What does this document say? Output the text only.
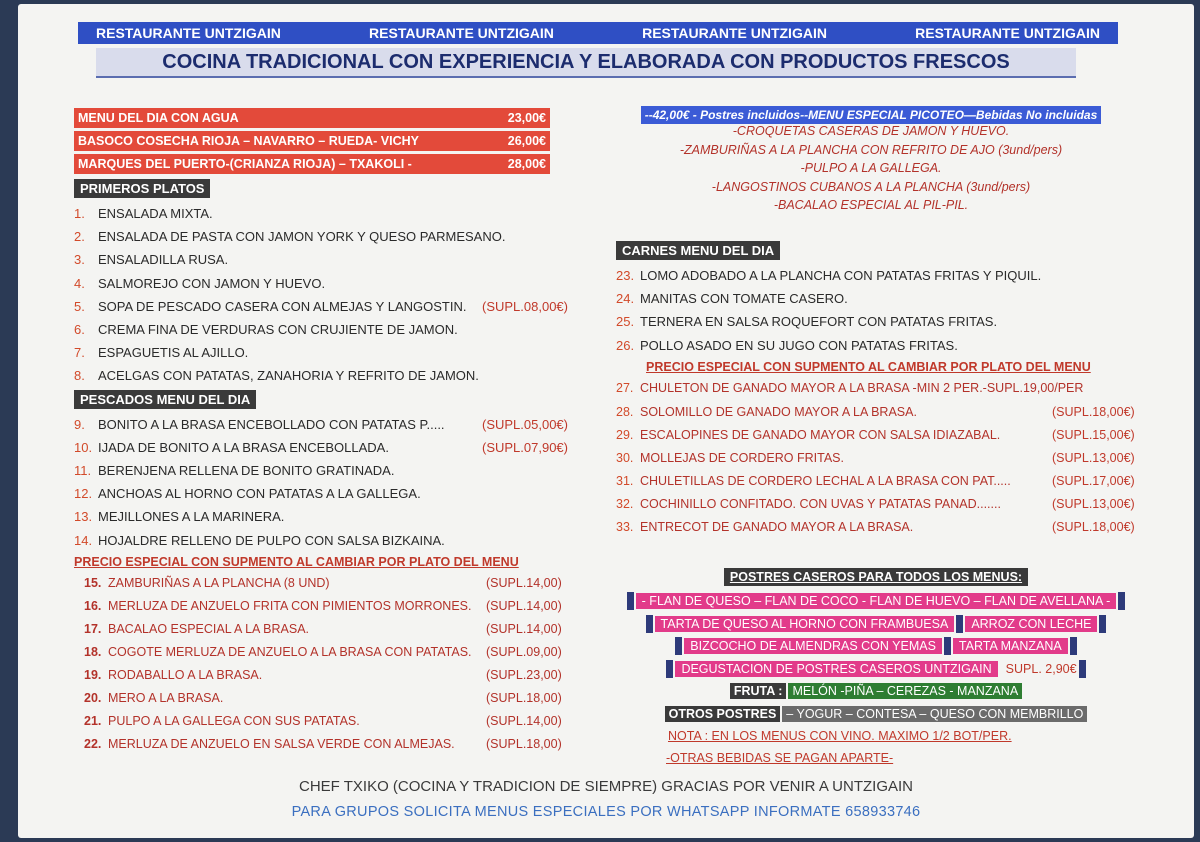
RESTAURANTE UNTZIGAIN	RESTAURANTE UNTZIGAIN	RESTAURANTE UNTZIGAIN	RESTAURANTE UNTZIGAIN
COCINA TRADICIONAL CON EXPERIENCIA Y ELABORADA CON PRODUCTOS FRESCOS
MENU DEL DIA CON AGUA	23,00€
BASOCO COSECHA RIOJA – NAVARRO – RUEDA- VICHY	26,00€
MARQUES DEL PUERTO-(CRIANZA RIOJA) – TXAKOLI -	28,00€
PRIMEROS PLATOS
1.	ENSALADA MIXTA.
2.	ENSALADA DE PASTA CON JAMON YORK Y QUESO PARMESANO.
3.	ENSALADILLA RUSA.
4.	SALMOREJO CON JAMON Y HUEVO.
5.	SOPA DE PESCADO CASERA CON ALMEJAS Y LANGOSTIN. (SUPL.08,00€)
6.	CREMA FINA DE VERDURAS CON CRUJIENTE DE JAMON.
7.	ESPAGUETIS AL AJILLO.
8.	ACELGAS CON PATATAS, ZANAHORIA Y REFRITO DE JAMON.
PESCADOS MENU DEL DIA
9.	BONITO A LA BRASA ENCEBOLLADO CON PATATAS P.....	(SUPL.05,00€)
10. IJADA DE BONITO A LA BRASA ENCEBOLLADA.	(SUPL.07,90€)
11. BERENJENA RELLENA DE BONITO GRATINADA.
12. ANCHOAS AL HORNO CON PATATAS A LA GALLEGA.
13. MEJILLONES A LA MARINERA.
14. HOJALDRE RELLENO DE PULPO CON SALSA BIZKAINA.
PRECIO ESPECIAL CON SUPMENTO AL CAMBIAR POR PLATO DEL MENU
15. ZAMBURIÑAS A LA PLANCHA (8 UND)	(SUPL.14,00)
16. MERLUZA DE ANZUELO FRITA CON PIMIENTOS MORRONES. (SUPL.14,00)
17. BACALAO ESPECIAL A LA BRASA.	(SUPL.14,00)
18. COGOTE MERLUZA DE ANZUELO A LA BRASA CON PATATAS. (SUPL.09,00)
19. RODABALLO A LA BRASA.	(SUPL.23,00)
20. MERO A LA BRASA.	(SUPL.18,00)
21. PULPO A LA GALLEGA CON SUS PATATAS.	(SUPL.14,00)
22. MERLUZA DE ANZUELO EN SALSA VERDE CON ALMEJAS.	(SUPL.18,00)
--42,00€ - Postres incluidos--MENU ESPECIAL PICOTEO—Bebidas No incluidas
-CROQUETAS CASERAS DE JAMON Y HUEVO.
-ZAMBURIÑAS A LA PLANCHA CON REFRITO DE AJO (3und/pers)
-PULPO A LA GALLEGA.
-LANGOSTINOS CUBANOS A LA PLANCHA (3und/pers)
-BACALAO ESPECIAL AL PIL-PIL.
CARNES MENU DEL DIA
23. LOMO ADOBADO A LA PLANCHA CON PATATAS FRITAS Y PIQUIL.
24. MANITAS CON TOMATE CASERO.
25. TERNERA EN SALSA ROQUEFORT CON PATATAS FRITAS.
26. POLLO ASADO EN SU JUGO CON PATATAS FRITAS.
PRECIO ESPECIAL CON SUPMENTO AL CAMBIAR POR PLATO DEL MENU
27. CHULETON DE GANADO MAYOR A LA BRASA -MIN 2 PER.-SUPL.19,00/PER
28. SOLOMILLO DE GANADO MAYOR A LA BRASA.	(SUPL.18,00€)
29. ESCALOPINES DE GANADO MAYOR CON SALSA IDIAZABAL.	(SUPL.15,00€)
30. MOLLEJAS DE CORDERO FRITAS.	(SUPL.13,00€)
31. CHULETILLAS DE CORDERO LECHAL A LA BRASA CON PAT.....	(SUPL.17,00€)
32. COCHINILLO CONFITADO. CON UVAS Y PATATAS PANAD.......	(SUPL.13,00€)
33. ENTRECOT DE GANADO MAYOR A LA BRASA.	(SUPL.18,00€)
POSTRES CASEROS PARA TODOS LOS MENUS:
- FLAN DE QUESO – FLAN DE COCO - FLAN DE HUEVO – FLAN DE AVELLANA -
TARTA DE QUESO AL HORNO CON FRAMBUESA	ARROZ CON LECHE
BIZCOCHO DE ALMENDRAS CON YEMAS	TARTA MANZANA
DEGUSTACION DE POSTRES CASEROS UNTZIGAIN	SUPL. 2,90€
FRUTA : MELÓN -PIÑA – CEREZAS - MANZANA
OTROS POSTRES – YOGUR – CONTESA – QUESO CON MEMBRILLO
NOTA : EN LOS MENUS CON VINO. MAXIMO 1/2 BOT/PER.
-OTRAS BEBIDAS SE PAGAN APARTE-
CHEF TXIKO (COCINA Y TRADICION DE SIEMPRE) GRACIAS POR VENIR A UNTZIGAIN
PARA GRUPOS SOLICITA MENUS ESPECIALES POR WHATSAPP INFORMATE 658933746
